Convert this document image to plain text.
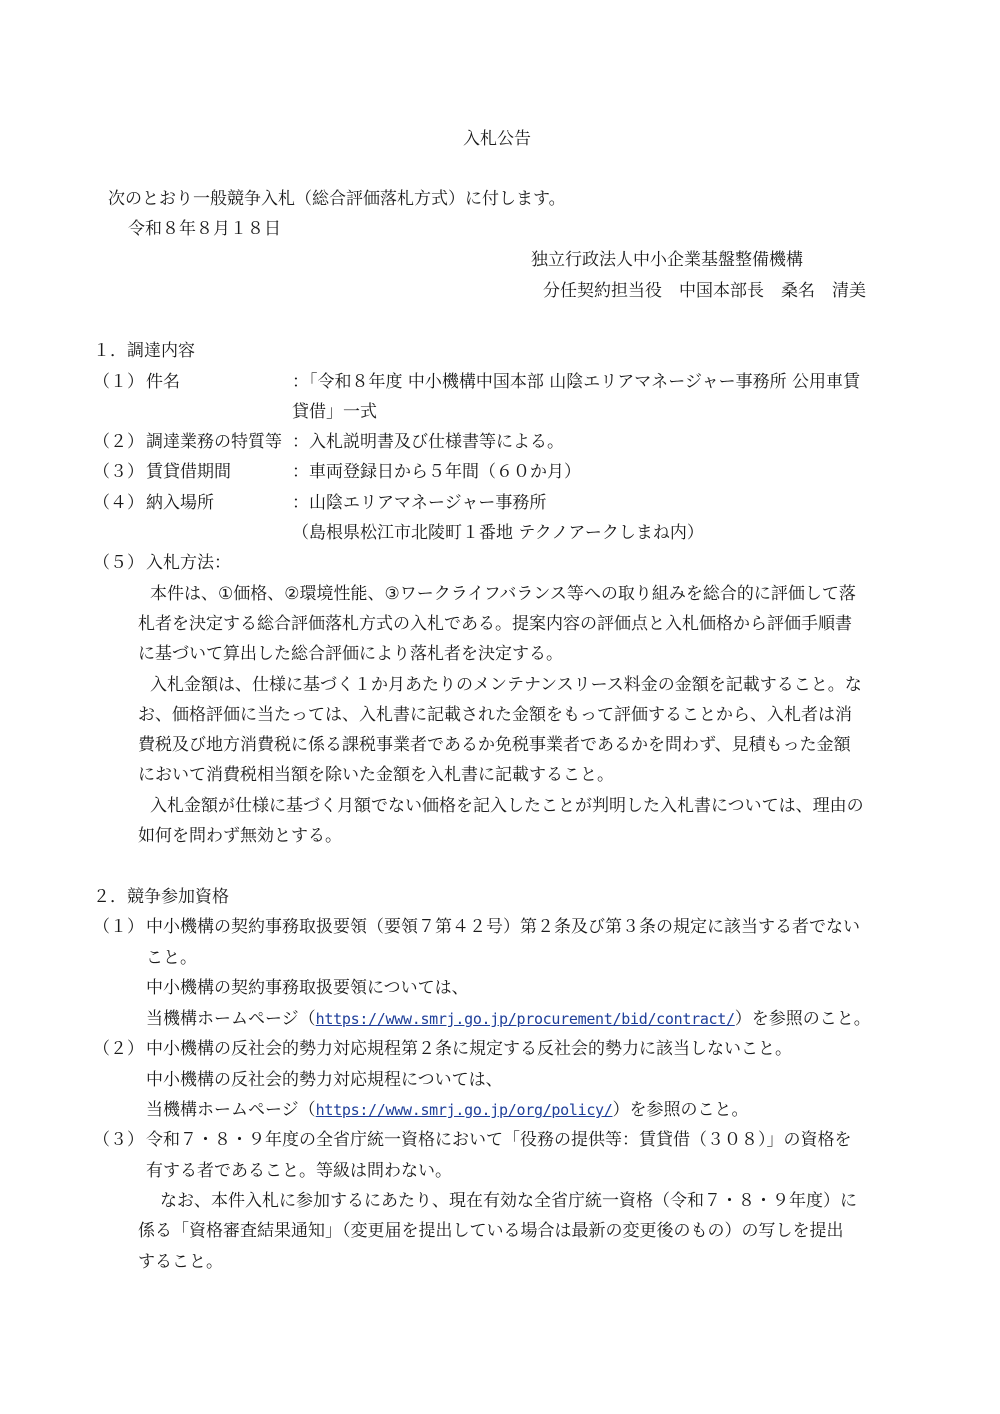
入札公告
次のとおり一般競争入札（総合評価落札方式）に付します。
令和８年８月１８日
独立行政法人中小企業基盤整備機構
分任契約担当役　中国本部長　桑名　清美
１．調達内容
（１） 件名	：「令和８年度 中小機構中国本部 山陰エリアマネージャー事務所 公用車賃
貸借」一式
（２） 調達業務の特質等 ：入札説明書及び仕様書等による。
（３） 賃貸借期間	：車両登録日から５年間（６０か月）
（４） 納入場所	：山陰エリアマネージャー事務所
（島根県松江市北陵町１番地 テクノアークしまね内）
（５） 入札方法：
本件は、①価格、②環境性能、③ワークライフバランス等への取り組みを総合的に評価して落
札者を決定する総合評価落札方式の入札である。提案内容の評価点と入札価格から評価手順書
に基づいて算出した総合評価により落札者を決定する。
入札金額は、仕様に基づく１か月あたりのメンテナンスリース料金の金額を記載すること。な
お、価格評価に当たっては、入札書に記載された金額をもって評価することから、入札者は消
費税及び地方消費税に係る課税事業者であるか免税事業者であるかを問わず、見積もった金額
において消費税相当額を除いた金額を入札書に記載すること。
入札金額が仕様に基づく月額でない価格を記入したことが判明した入札書については、理由の
如何を問わず無効とする。
２．競争参加資格
（１） 中小機構の契約事務取扱要領（要領７第４２号）第２条及び第３条の規定に該当する者でない
こと。
中小機構の契約事務取扱要領については、
当機構ホームページ（https://www.smrj.go.jp/procurement/bid/contract/）を参照のこと。
（２） 中小機構の反社会的勢力対応規程第２条に規定する反社会的勢力に該当しないこと。
中小機構の反社会的勢力対応規程については、
当機構ホームページ（https://www.smrj.go.jp/org/policy/）を参照のこと。
（３） 令和７・８・９年度の全省庁統一資格において「役務の提供等：賃貸借（３０８）」の資格を
有する者であること。等級は問わない。
なお、本件入札に参加するにあたり、現在有効な全省庁統一資格（令和７・８・９年度）に
係る「資格審査結果通知」（変更届を提出している場合は最新の変更後のもの）の写しを提出
すること。
